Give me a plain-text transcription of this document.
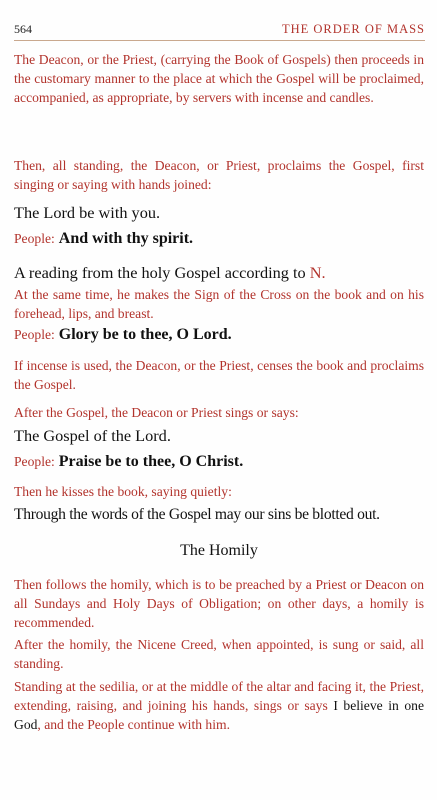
564	THE ORDER OF MASS

The Deacon, or the Priest, (carrying the Book of Gospels) then proceeds in the customary manner to the place at which the Gospel will be proclaimed, accompanied, as appropriate, by servers with incense and candles.

Then, all standing, the Deacon, or Priest, proclaims the Gospel, first singing or saying with hands joined:

The Lord be with you.

People: And with thy spirit.

A reading from the holy Gospel according to N.

At the same time, he makes the Sign of the Cross on the book and on his forehead, lips, and breast.

People: Glory be to thee, O Lord.

If incense is used, the Deacon, or the Priest, censes the book and proclaims the Gospel.

After the Gospel, the Deacon or Priest sings or says:

The Gospel of the Lord.

People: Praise be to thee, O Christ.

Then he kisses the book, saying quietly:

Through the words of the Gospel may our sins be blotted out.

The Homily

Then follows the homily, which is to be preached by a Priest or Deacon on all Sundays and Holy Days of Obligation; on other days, a homily is recommended.

After the homily, the Nicene Creed, when appointed, is sung or said, all standing.

Standing at the sedilia, or at the middle of the altar and facing it, the Priest, extending, raising, and joining his hands, sings or says I believe in one God, and the People continue with him.
